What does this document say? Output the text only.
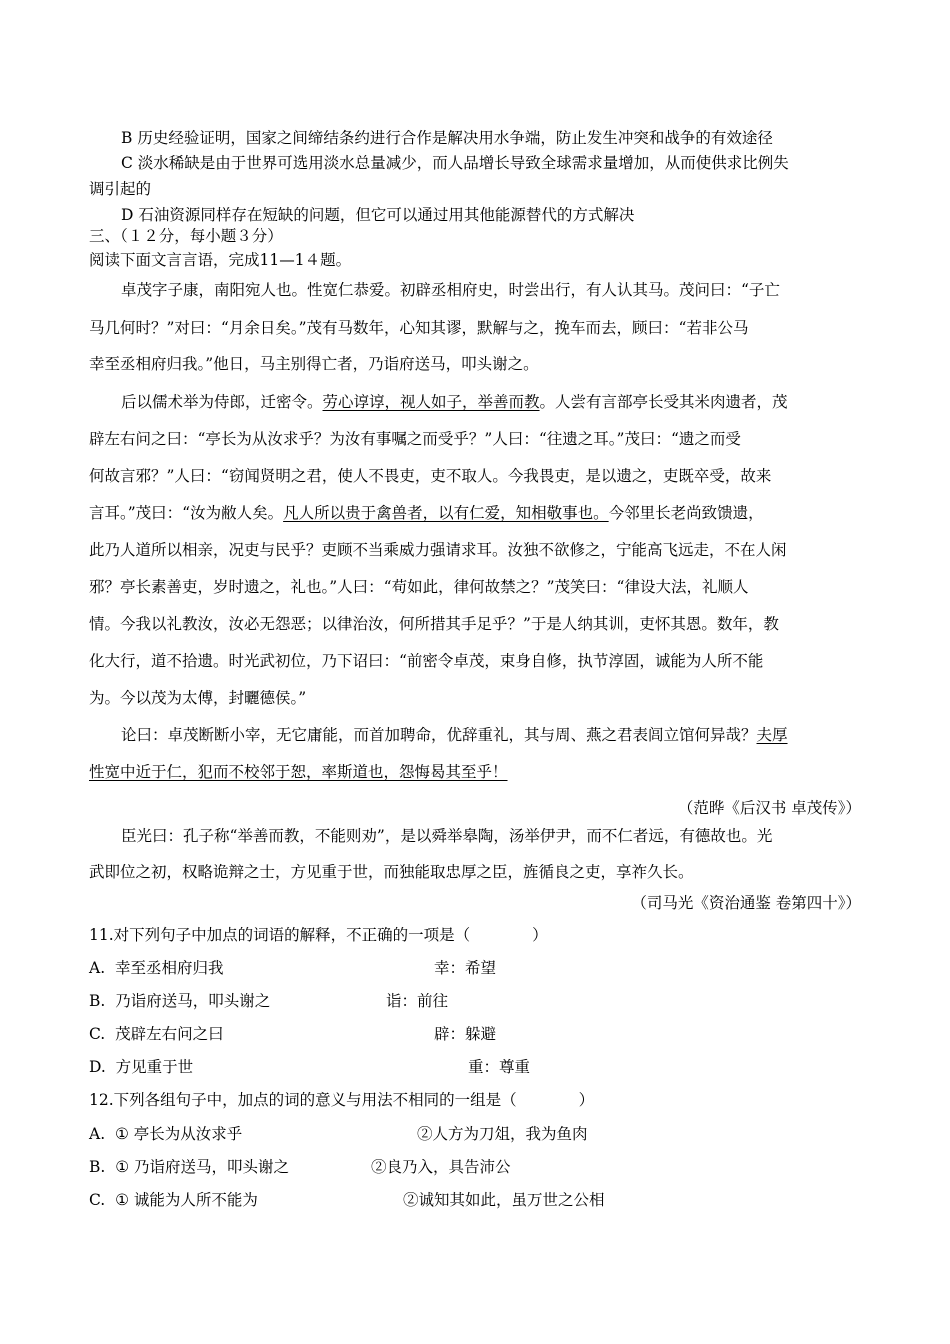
B 历史经验证明，国家之间缔结条约进行合作是解决用水争端，防止发生冲突和战争的有效途径
C 淡水稀缺是由于世界可选用淡水总量减少，而人品增长导致全球需求量增加，从而使供求比例失
调引起的
D 石油资源同样存在短缺的问题，但它可以通过用其他能源替代的方式解决
三、（１２分，每小题３分）
阅读下面文言言语，完成11—1４题。
卓茂字子康，南阳宛人也。性宽仁恭爱。初辟丞相府史，时尝出行，有人认其马。茂问曰：“子亡
马几何时？”对曰：“月余日矣。”茂有马数年，心知其谬，默解与之，挽车而去，顾曰：“若非公马
幸至丞相府归我。”他日，马主别得亡者，乃诣府送马，叩头谢之。
后以儒术举为侍郎，迁密令。劳心谆谆，视人如子，举善而教。人尝有言部亭长受其米肉遗者，茂
辟左右问之曰：“亭长为从汝求乎？为汝有事嘱之而受乎？”人曰：“往遗之耳。”茂曰：“遗之而受
何故言邪？”人曰：“窃闻贤明之君，使人不畏吏，吏不取人。今我畏吏，是以遗之，吏既卒受，故来
言耳。”茂曰：“汝为敝人矣。凡人所以贵于禽兽者，以有仁爱，知相敬事也。今邻里长老尚致馈遗，
此乃人道所以相亲，况吏与民乎？吏顾不当乘威力强请求耳。汝独不欲修之，宁能高飞远走，不在人闲
邪？亭长素善吏，岁时遗之，礼也。”人曰：“苟如此，律何故禁之？”茂笑曰：“律设大法，礼顺人
情。今我以礼教汝，汝必无怨恶；以律治汝，何所措其手足乎？”于是人纳其训，吏怀其恩。数年，教
化大行，道不拾遗。时光武初位，乃下诏曰：“前密令卓茂，束身自修，执节淳固，诚能为人所不能
为。今以茂为太傅，封曬德侯。”
论曰：卓茂断断小宰，无它庸能，而首加聘命，优辞重礼，其与周、燕之君表闾立馆何异哉？夫厚
性宽中近于仁，犯而不校邻于恕，率斯道也，怨悔曷其至乎！
（范晔《后汉书 卓茂传》）
臣光曰：孔子称“举善而教，不能则劝”，是以舜举皋陶，汤举伊尹，而不仁者远，有德故也。光
武即位之初，权略诡辩之士，方见重于世，而独能取忠厚之臣，旌循良之吏，享祚久长。
（司马光《资治通鉴 卷第四十》）
11.对下列句子中加点的词语的解释，不正确的一项是（　　　　）
A. 幸至丞相府归我	幸：希望
B. 乃诣府送马，叩头谢之	诣：前往
C. 茂辟左右问之曰	辟：躲避
D. 方见重于世	重：尊重
12.下列各组句子中，加点的词的意义与用法不相同的一组是（　　　　）
A. ① 亭长为从汝求乎	②人方为刀俎，我为鱼肉
B. ① 乃诣府送马，叩头谢之	②良乃入，具告沛公
C. ① 诚能为人所不能为	②诚知其如此，虽万世之公相
